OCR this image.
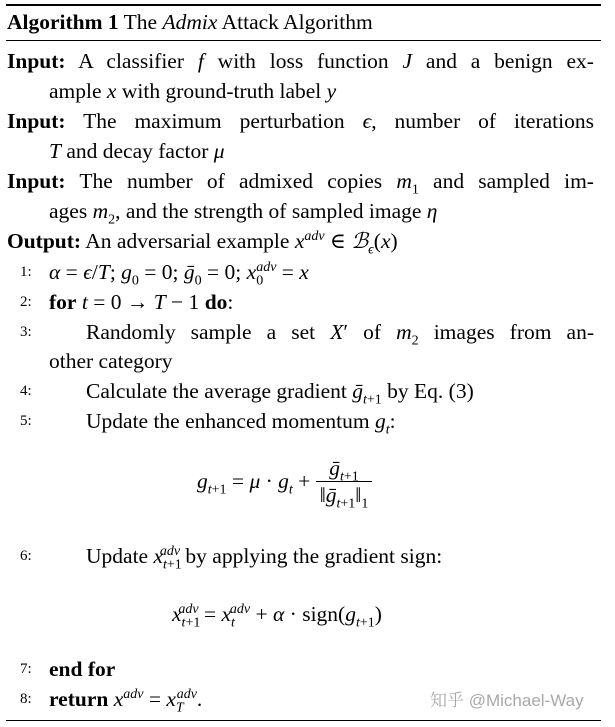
Algorithm 1 The Admix Attack Algorithm
Input: A classifier f with loss function J and a benign ex-
ample x with ground-truth label y
Input: The maximum perturbation ϵ, number of iterations
T and decay factor μ
Input: The number of admixed copies $m_1$ and sampled im-
ages $m_2$, and the strength of sampled image η
Output: An adversarial example $x^{adv}$ ∈ ℬ$_\epsilon$(x)
1: α = ϵ/T; $g_0 = 0$; ḡ$_0$ = 0; $x_0^{adv} = x$
2: for t = 0 → T − 1 do:
3:	Randomly sample a set X′ of $m_2$ images from an-
other category
4:	Calculate the average gradient ḡ$_{t+1}$ by Eq. (3)
5:	Update the enhanced momentum $g_t$:
$g_{t+1} = \mu \cdot g_t + \frac{ḡ_{t+1}}{‖ḡ_{t+1}‖_1}$
6:	Update $x_{t+1}^{adv}$ by applying the gradient sign:
$x_{t+1}^{adv} = x_t^{adv} + \alpha$ · $sign(g_{t+1})$
7: end for
8: return $x^{adv} = x_T^{adv}$.	知乎 @Michael-Way
